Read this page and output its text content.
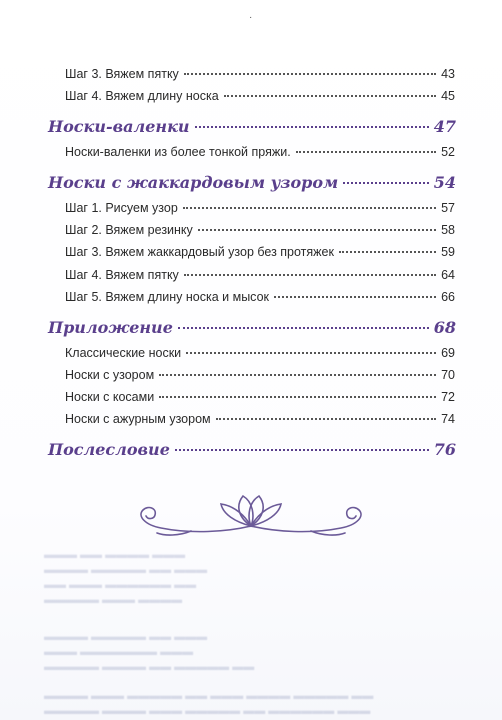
·
Шаг 3. Вяжем пятку	43
Шаг 4. Вяжем длину носка	45
Носки-валенки	47
Носки-валенки из более тонкой пряжи.	52
Носки с жаккардовым узором	54
Шаг 1. Рисуем узор	57
Шаг 2. Вяжем резинку	58
Шаг 3. Вяжем жаккардовый узор без протяжек	59
Шаг 4. Вяжем пятку	64
Шаг 5. Вяжем длину носка и мысок	66
Приложение	68
Классические носки	69
Носки с узором	70
Носки с косами	72
Носки с ажурным узором	74
Послесловие	76
▬▬▬ ▬▬ ▬▬▬▬ ▬▬▬
▬▬▬▬ ▬▬▬▬▬ ▬▬ ▬▬▬
▬▬ ▬▬▬ ▬▬▬▬▬▬ ▬▬
▬▬▬▬▬ ▬▬▬ ▬▬▬▬
▬▬▬▬ ▬▬▬▬▬ ▬▬ ▬▬▬
▬▬▬ ▬▬▬▬▬▬▬ ▬▬▬
▬▬▬▬▬ ▬▬▬▬ ▬▬ ▬▬▬▬▬ ▬▬
▬▬▬▬ ▬▬▬ ▬▬▬▬▬ ▬▬ ▬▬▬ ▬▬▬▬ ▬▬▬▬▬ ▬▬
▬▬▬▬▬ ▬▬▬▬ ▬▬▬ ▬▬▬▬▬ ▬▬ ▬▬▬▬▬▬ ▬▬▬
